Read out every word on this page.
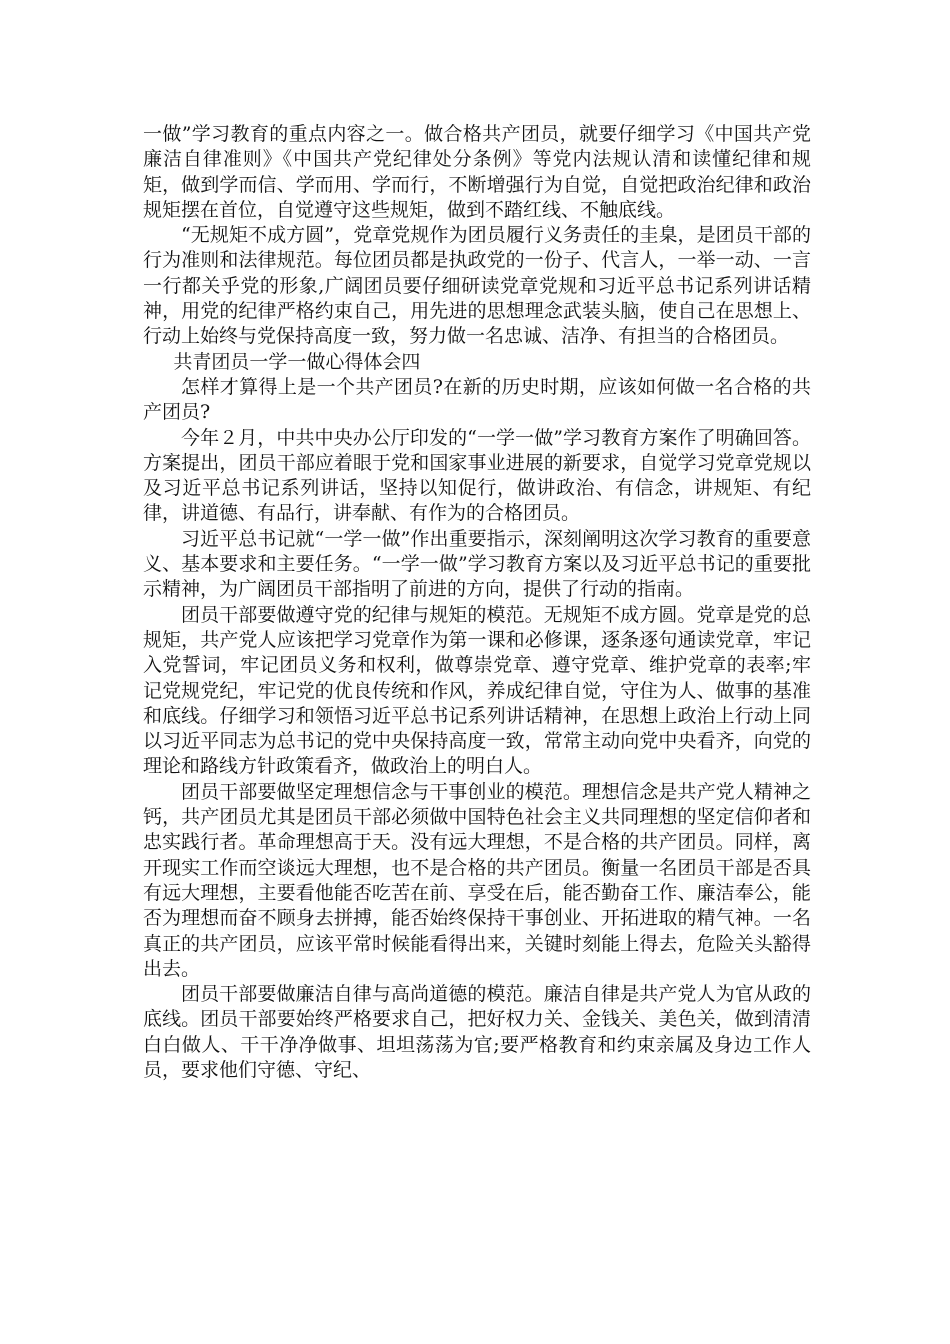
一做”学习教育的重点内容之一。做合格共产团员，就要仔细学习《中国共产党廉洁自律准则》《中国共产党纪律处分条例》等党内法规认清和读懂纪律和规矩，做到学而信、学而用、学而行，不断增强行为自觉，自觉把政治纪律和政治规矩摆在首位，自觉遵守这些规矩，做到不踏红线、不触底线。

“无规矩不成方圆”，党章党规作为团员履行义务责任的圭臬，是团员干部的行为准则和法律规范。每位团员都是执政党的一份子、代言人，一举一动、一言一行都关乎党的形象,广阔团员要仔细研读党章党规和习近平总书记系列讲话精神，用党的纪律严格约束自己，用先进的思想理念武装头脑，使自己在思想上、行动上始终与党保持高度一致，努力做一名忠诚、洁净、有担当的合格团员。

共青团员一学一做心得体会四

怎样才算得上是一个共产团员?在新的历史时期，应该如何做一名合格的共产团员?

今年２月，中共中央办公厅印发的“一学一做”学习教育方案作了明确回答。方案提出，团员干部应着眼于党和国家事业进展的新要求，自觉学习党章党规以及习近平总书记系列讲话，坚持以知促行，做讲政治、有信念，讲规矩、有纪律，讲道德、有品行，讲奉献、有作为的合格团员。

习近平总书记就“一学一做”作出重要指示，深刻阐明这次学习教育的重要意义、基本要求和主要任务。“一学一做”学习教育方案以及习近平总书记的重要批示精神，为广阔团员干部指明了前进的方向，提供了行动的指南。

团员干部要做遵守党的纪律与规矩的模范。无规矩不成方圆。党章是党的总规矩，共产党人应该把学习党章作为第一课和必修课，逐条逐句通读党章，牢记入党誓词，牢记团员义务和权利，做尊崇党章、遵守党章、维护党章的表率;牢记党规党纪，牢记党的优良传统和作风，养成纪律自觉，守住为人、做事的基准和底线。仔细学习和领悟习近平总书记系列讲话精神，在思想上政治上行动上同以习近平同志为总书记的党中央保持高度一致，常常主动向党中央看齐，向党的理论和路线方针政策看齐，做政治上的明白人。

团员干部要做坚定理想信念与干事创业的模范。理想信念是共产党人精神之钙，共产团员尤其是团员干部必须做中国特色社会主义共同理想的坚定信仰者和忠实践行者。革命理想高于天。没有远大理想，不是合格的共产团员。同样，离开现实工作而空谈远大理想，也不是合格的共产团员。衡量一名团员干部是否具有远大理想，主要看他能否吃苦在前、享受在后，能否勤奋工作、廉洁奉公，能否为理想而奋不顾身去拼搏，能否始终保持干事创业、开拓进取的精气神。一名真正的共产团员，应该平常时候能看得出来，关键时刻能上得去，危险关头豁得出去。

团员干部要做廉洁自律与高尚道德的模范。廉洁自律是共产党人为官从政的底线。团员干部要始终严格要求自己，把好权力关、金钱关、美色关，做到清清白白做人、干干净净做事、坦坦荡荡为官;要严格教育和约束亲属及身边工作人员，要求他们守德、守纪、
